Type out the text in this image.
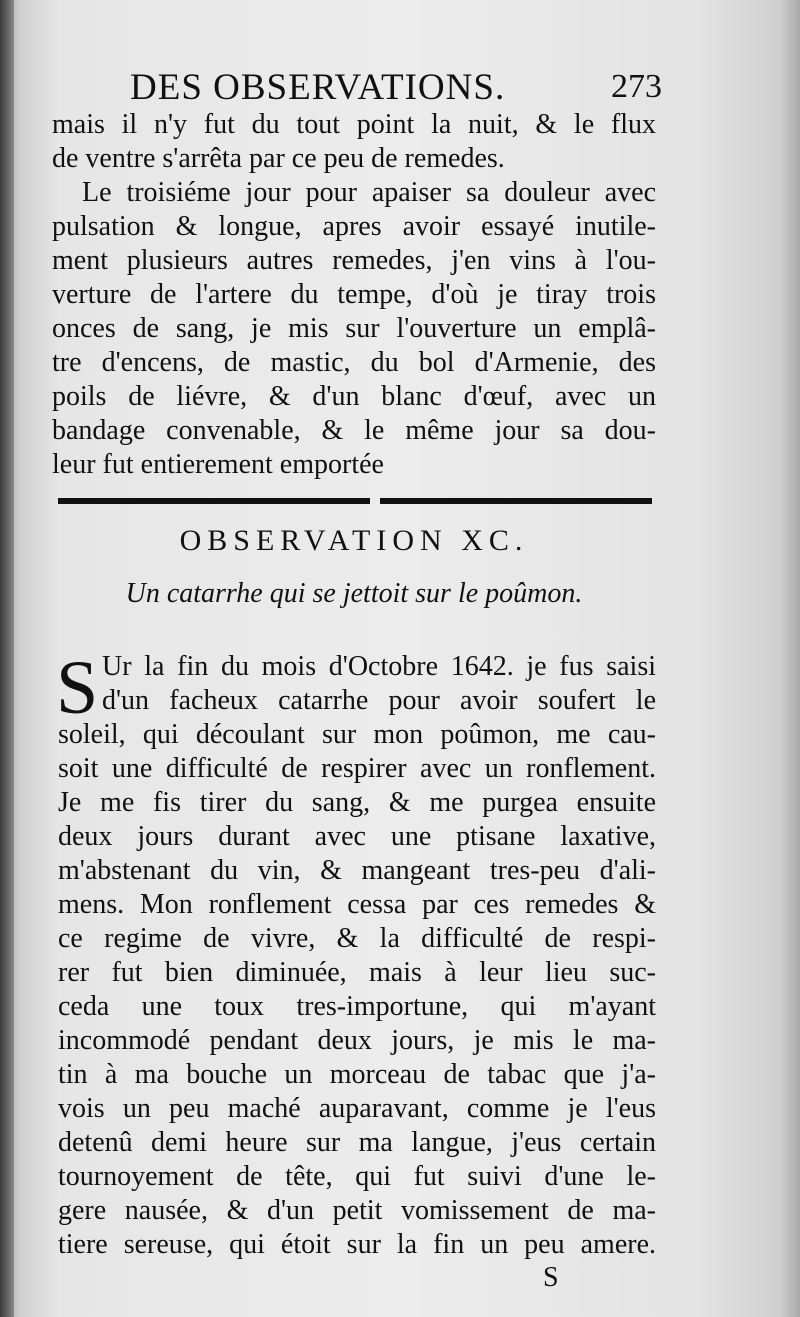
DES OBSERVATIONS.	273
mais il n'y fut du tout point la nuit, & le flux
de ventre s'arrêta par ce peu de remedes.
Le troisiéme jour pour apaiser sa douleur avec
pulsation & longue, apres avoir essayé inutile-
ment plusieurs autres remedes, j'en vins à l'ou-
verture de l'artere du tempe, d'où je tiray trois
onces de sang, je mis sur l'ouverture un emplâ-
tre d'encens, de mastic, du bol d'Armenie, des
poils de liévre, & d'un blanc d'œuf, avec un
bandage convenable, & le même jour sa dou-
leur fut entierement emportée
OBSERVATION XC.
Un catarrhe qui se jettoit sur le poûmon.
S Ur la fin du mois d'Octobre 1642. je fus saisi
d'un facheux catarrhe pour avoir soufert le
soleil, qui découlant sur mon poûmon, me cau-
soit une difficulté de respirer avec un ronflement.
Je me fis tirer du sang, & me purgea ensuite
deux jours durant avec une ptisane laxative,
m'abstenant du vin, & mangeant tres-peu d'ali-
mens. Mon ronflement cessa par ces remedes &
ce regime de vivre, & la difficulté de respi-
rer fut bien diminuée, mais à leur lieu suc-
ceda une toux tres-importune, qui m'ayant
incommodé pendant deux jours, je mis le ma-
tin à ma bouche un morceau de tabac que j'a-
vois un peu maché auparavant, comme je l'eus
detenû demi heure sur ma langue, j'eus certain
tournoyement de tête, qui fut suivi d'une le-
gere nausée, & d'un petit vomissement de ma-
tiere sereuse, qui étoit sur la fin un peu amere.
S
